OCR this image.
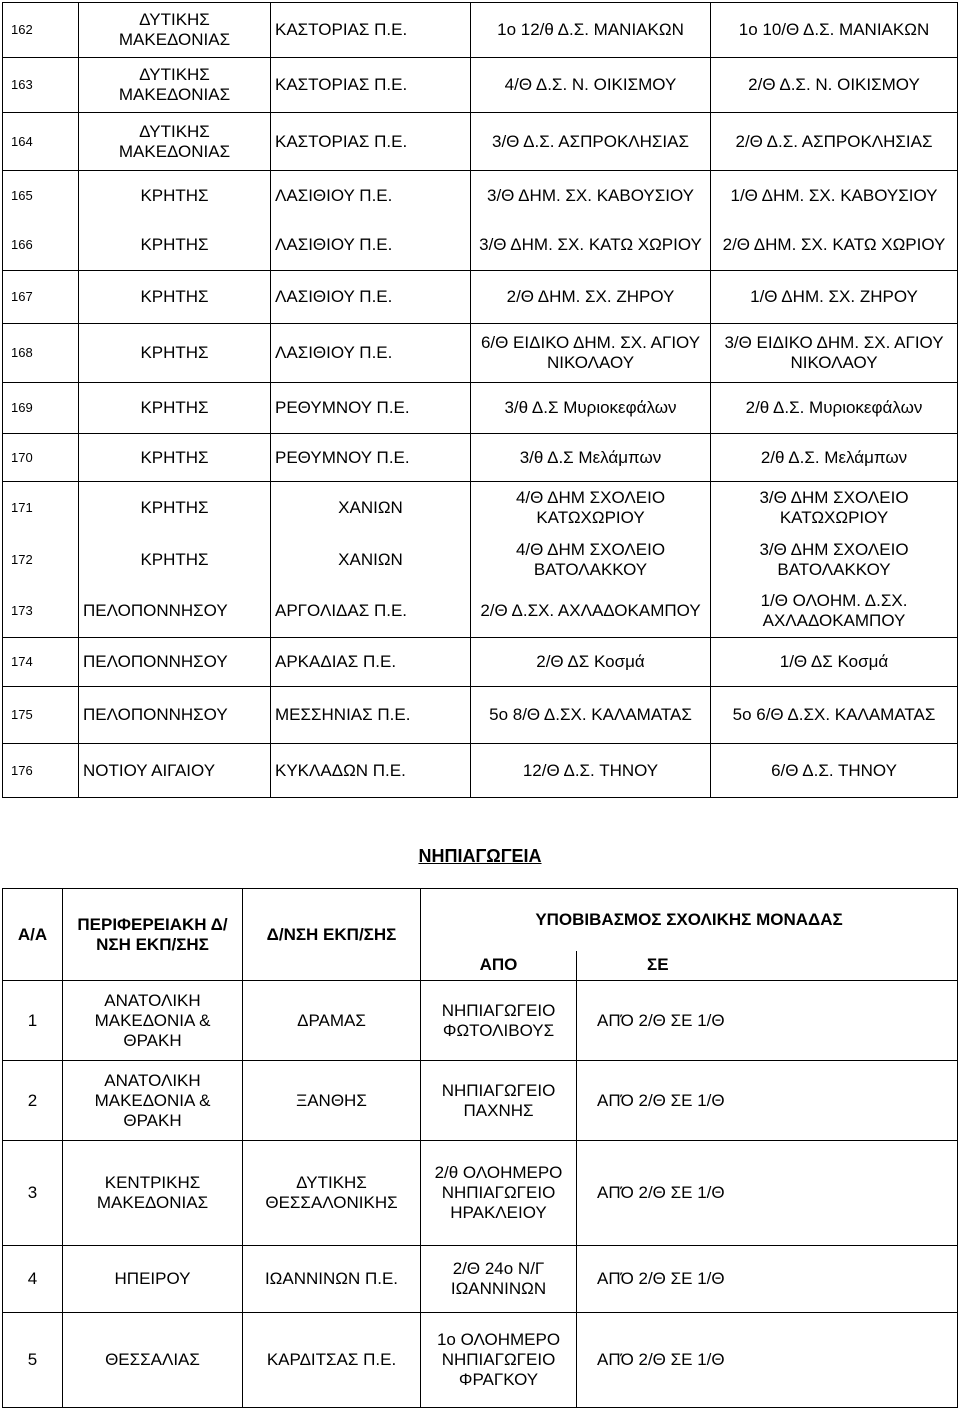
162	ΔΥΤΙΚΗΣ ΜΑΚΕΔΟΝΙΑΣ	ΚΑΣΤΟΡΙΑΣ Π.Ε.	1ο 12/θ Δ.Σ. ΜΑΝΙΑΚΩΝ	1ο 10/Θ Δ.Σ. ΜΑΝΙΑΚΩΝ
163	ΔΥΤΙΚΗΣ ΜΑΚΕΔΟΝΙΑΣ	ΚΑΣΤΟΡΙΑΣ Π.Ε.	4/Θ Δ.Σ. Ν. ΟΙΚΙΣΜΟΥ	2/Θ Δ.Σ. Ν. ΟΙΚΙΣΜΟΥ
164	ΔΥΤΙΚΗΣ ΜΑΚΕΔΟΝΙΑΣ	ΚΑΣΤΟΡΙΑΣ Π.Ε.	3/Θ Δ.Σ. ΑΣΠΡΟΚΛΗΣΙΑΣ	2/Θ Δ.Σ. ΑΣΠΡΟΚΛΗΣΙΑΣ
165	ΚΡΗΤΗΣ	ΛΑΣΙΘΙΟΥ Π.Ε.	3/Θ ΔΗΜ. ΣΧ. ΚΑΒΟΥΣΙΟΥ	1/Θ ΔΗΜ. ΣΧ. ΚΑΒΟΥΣΙΟΥ
166	ΚΡΗΤΗΣ	ΛΑΣΙΘΙΟΥ Π.Ε.	3/Θ ΔΗΜ. ΣΧ. ΚΑΤΩ ΧΩΡΙΟΥ	2/Θ ΔΗΜ. ΣΧ. ΚΑΤΩ ΧΩΡΙΟΥ
167	ΚΡΗΤΗΣ	ΛΑΣΙΘΙΟΥ Π.Ε.	2/Θ ΔΗΜ. ΣΧ. ΖΗΡΟΥ	1/Θ ΔΗΜ. ΣΧ. ΖΗΡΟΥ
168	ΚΡΗΤΗΣ	ΛΑΣΙΘΙΟΥ Π.Ε.	6/Θ ΕΙΔΙΚΟ ΔΗΜ. ΣΧ. ΑΓΙΟΥ ΝΙΚΟΛΑΟΥ	3/Θ ΕΙΔΙΚΟ ΔΗΜ. ΣΧ. ΑΓΙΟΥ ΝΙΚΟΛΑΟΥ
169	ΚΡΗΤΗΣ	ΡΕΘΥΜΝΟΥ Π.Ε.	3/θ Δ.Σ Μυριοκεφάλων	2/θ Δ.Σ. Μυριοκεφάλων
170	ΚΡΗΤΗΣ	ΡΕΘΥΜΝΟΥ Π.Ε.	3/θ Δ.Σ Μελάμπων	2/θ Δ.Σ. Μελάμπων
171	ΚΡΗΤΗΣ	ΧΑΝΙΩΝ	4/Θ ΔΗΜ ΣΧΟΛΕΙΟ ΚΑΤΩΧΩΡΙΟΥ	3/Θ ΔΗΜ ΣΧΟΛΕΙΟ ΚΑΤΩΧΩΡΙΟΥ
172	ΚΡΗΤΗΣ	ΧΑΝΙΩΝ	4/Θ ΔΗΜ ΣΧΟΛΕΙΟ ΒΑΤΟΛΑΚΚΟΥ	3/Θ ΔΗΜ ΣΧΟΛΕΙΟ ΒΑΤΟΛΑΚΚΟΥ
173	ΠΕΛΟΠΟΝΝΗΣΟΥ	ΑΡΓΟΛΙΔΑΣ Π.Ε.	2/Θ Δ.ΣΧ. ΑΧΛΑΔΟΚΑΜΠΟΥ	1/Θ ΟΛΟΗΜ. Δ.ΣΧ. ΑΧΛΑΔΟΚΑΜΠΟΥ
174	ΠΕΛΟΠΟΝΝΗΣΟΥ	ΑΡΚΑΔΙΑΣ Π.Ε.	2/Θ ΔΣ Κοσμά	1/Θ ΔΣ Κοσμά
175	ΠΕΛΟΠΟΝΝΗΣΟΥ	ΜΕΣΣΗΝΙΑΣ Π.Ε.	5ο 8/Θ Δ.ΣΧ. ΚΑΛΑΜΑΤΑΣ	5ο 6/Θ Δ.ΣΧ. ΚΑΛΑΜΑΤΑΣ
176	ΝΟΤΙΟΥ ΑΙΓΑΙΟΥ	ΚΥΚΛΑΔΩΝ Π.Ε.	12/Θ Δ.Σ. ΤΗΝΟΥ	6/Θ Δ.Σ. ΤΗΝΟΥ
ΝΗΠΙΑΓΩΓΕΙΑ
Α/Α	ΠΕΡΙΦΕΡΕΙΑΚΗ Δ/ ΝΣΗ ΕΚΠ/ΣΗΣ	Δ/ΝΣΗ ΕΚΠ/ΣΗΣ	ΥΠΟΒΙΒΑΣΜΟΣ ΣΧΟΛΙΚΗΣ ΜΟΝΑΔΑΣ	
			ΑΠΟ	ΣΕ
1	ΑΝΑΤΟΛΙΚΗ ΜΑΚΕΔΟΝΙΑ & ΘΡΑΚΗ	ΔΡΑΜΑΣ	ΝΗΠΙΑΓΩΓΕΙΟ ΦΩΤΟΛΙΒΟΥΣ	ΑΠΌ 2/Θ ΣΕ 1/Θ
2	ΑΝΑΤΟΛΙΚΗ ΜΑΚΕΔΟΝΙΑ & ΘΡΑΚΗ	ΞΑΝΘΗΣ	ΝΗΠΙΑΓΩΓΕΙΟ ΠΑΧΝΗΣ	ΑΠΌ 2/Θ ΣΕ 1/Θ
3	ΚΕΝΤΡΙΚΗΣ ΜΑΚΕΔΟΝΙΑΣ	ΔΥΤΙΚΗΣ ΘΕΣΣΑΛΟΝΙΚΗΣ	2/θ ΟΛΟΗΜΕΡΟ ΝΗΠΙΑΓΩΓΕΙΟ ΗΡΑΚΛΕΙΟΥ	ΑΠΌ 2/Θ ΣΕ 1/Θ
4	ΗΠΕΙΡΟΥ	ΙΩΑΝΝΙΝΩΝ Π.Ε.	2/Θ 24ο Ν/Γ ΙΩΑΝΝΙΝΩΝ	ΑΠΌ 2/Θ ΣΕ 1/Θ
5	ΘΕΣΣΑΛΙΑΣ	ΚΑΡΔΙΤΣΑΣ Π.Ε.	1ο ΟΛΟΗΜΕΡΟ ΝΗΠΙΑΓΩΓΕΙΟ ΦΡΑΓΚΟΥ	ΑΠΌ 2/Θ ΣΕ 1/Θ
